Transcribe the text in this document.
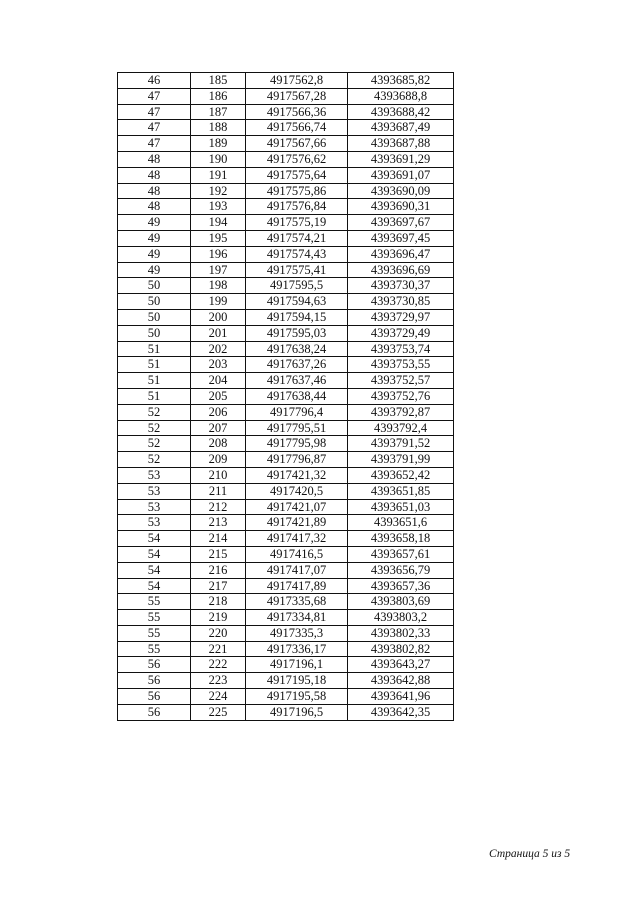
46	185	4917562,8	4393685,82
47	186	4917567,28	4393688,8
47	187	4917566,36	4393688,42
47	188	4917566,74	4393687,49
47	189	4917567,66	4393687,88
48	190	4917576,62	4393691,29
48	191	4917575,64	4393691,07
48	192	4917575,86	4393690,09
48	193	4917576,84	4393690,31
49	194	4917575,19	4393697,67
49	195	4917574,21	4393697,45
49	196	4917574,43	4393696,47
49	197	4917575,41	4393696,69
50	198	4917595,5	4393730,37
50	199	4917594,63	4393730,85
50	200	4917594,15	4393729,97
50	201	4917595,03	4393729,49
51	202	4917638,24	4393753,74
51	203	4917637,26	4393753,55
51	204	4917637,46	4393752,57
51	205	4917638,44	4393752,76
52	206	4917796,4	4393792,87
52	207	4917795,51	4393792,4
52	208	4917795,98	4393791,52
52	209	4917796,87	4393791,99
53	210	4917421,32	4393652,42
53	211	4917420,5	4393651,85
53	212	4917421,07	4393651,03
53	213	4917421,89	4393651,6
54	214	4917417,32	4393658,18
54	215	4917416,5	4393657,61
54	216	4917417,07	4393656,79
54	217	4917417,89	4393657,36
55	218	4917335,68	4393803,69
55	219	4917334,81	4393803,2
55	220	4917335,3	4393802,33
55	221	4917336,17	4393802,82
56	222	4917196,1	4393643,27
56	223	4917195,18	4393642,88
56	224	4917195,58	4393641,96
56	225	4917196,5	4393642,35
Страница 5 из 5
